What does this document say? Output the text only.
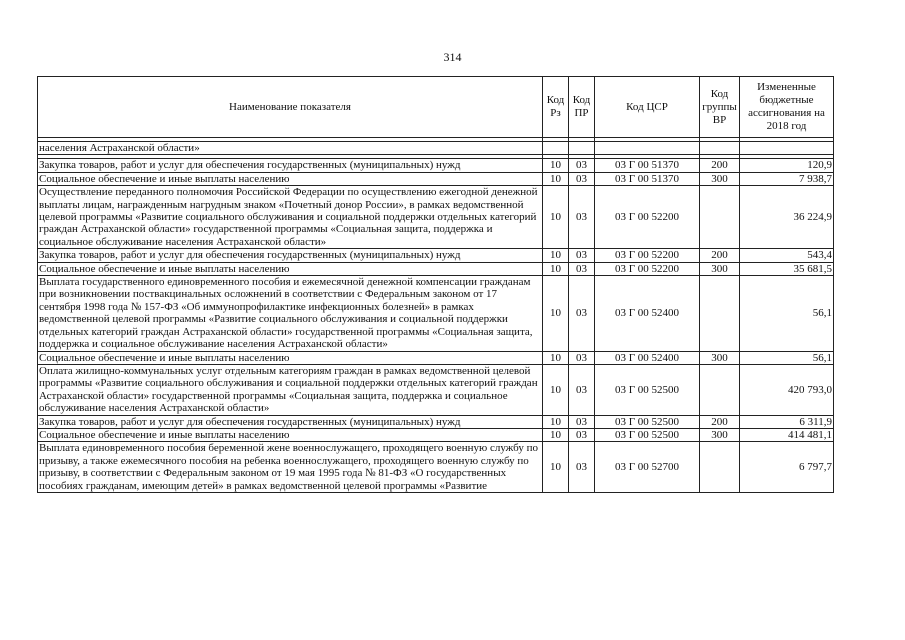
314
Наименование показателя	Код Рз	Код ПР	Код ЦСР	Код группы ВР	Измененные бюджетные ассигнования на 2018 год

населения Астраханской области»					

Закупка товаров, работ и услуг для обеспечения государственных (муниципальных) нужд	10	03	03 Г 00 51370	200	120,9
Социальное обеспечение и иные выплаты населению	10	03	03 Г 00 51370	300	7 938,7
Осуществление переданного полномочия Российской Федерации по осуществлению ежегодной денежной выплаты лицам, награжденным нагрудным знаком «Почетный донор России», в рамках ведомственной целевой программы «Развитие социального обслуживания и социальной поддержки отдельных категорий граждан Астраханской области» государственной программы «Социальная защита, поддержка и социальное обслуживание населения Астраханской области»	10	03	03 Г 00 52200		36 224,9
Закупка товаров, работ и услуг для обеспечения государственных (муниципальных) нужд	10	03	03 Г 00 52200	200	543,4
Социальное обеспечение и иные выплаты населению	10	03	03 Г 00 52200	300	35 681,5
Выплата государственного единовременного пособия и ежемесячной денежной компенсации гражданам при возникновении поствакцинальных осложнений в соответствии с Федеральным законом от 17 сентября 1998 года № 157-ФЗ «Об иммунопрофилактике инфекционных болезней» в рамках ведомственной целевой программы «Развитие социального обслуживания и социальной поддержки отдельных категорий граждан Астраханской области» государственной программы «Социальная защита, поддержка и социальное обслуживание населения Астраханской области»	10	03	03 Г 00 52400		56,1
Социальное обеспечение и иные выплаты населению	10	03	03 Г 00 52400	300	56,1
Оплата жилищно-коммунальных услуг отдельным категориям граждан в рамках ведомственной целевой программы «Развитие социального обслуживания и социальной поддержки отдельных категорий граждан Астраханской области» государственной программы «Социальная защита, поддержка и социальное обслуживание населения Астраханской области»	10	03	03 Г 00 52500		420 793,0
Закупка товаров, работ и услуг для обеспечения государственных (муниципальных) нужд	10	03	03 Г 00 52500	200	6 311,9
Социальное обеспечение и иные выплаты населению	10	03	03 Г 00 52500	300	414 481,1
Выплата единовременного пособия беременной жене военнослужащего, проходящего военную службу по призыву, а также ежемесячного пособия на ребенка военнослужащего, проходящего военную службу по призыву, в соответствии с Федеральным законом от 19 мая 1995 года № 81-ФЗ «О государственных пособиях гражданам, имеющим детей» в рамках ведомственной целевой программы «Развитие	10	03	03 Г 00 52700		6 797,7
